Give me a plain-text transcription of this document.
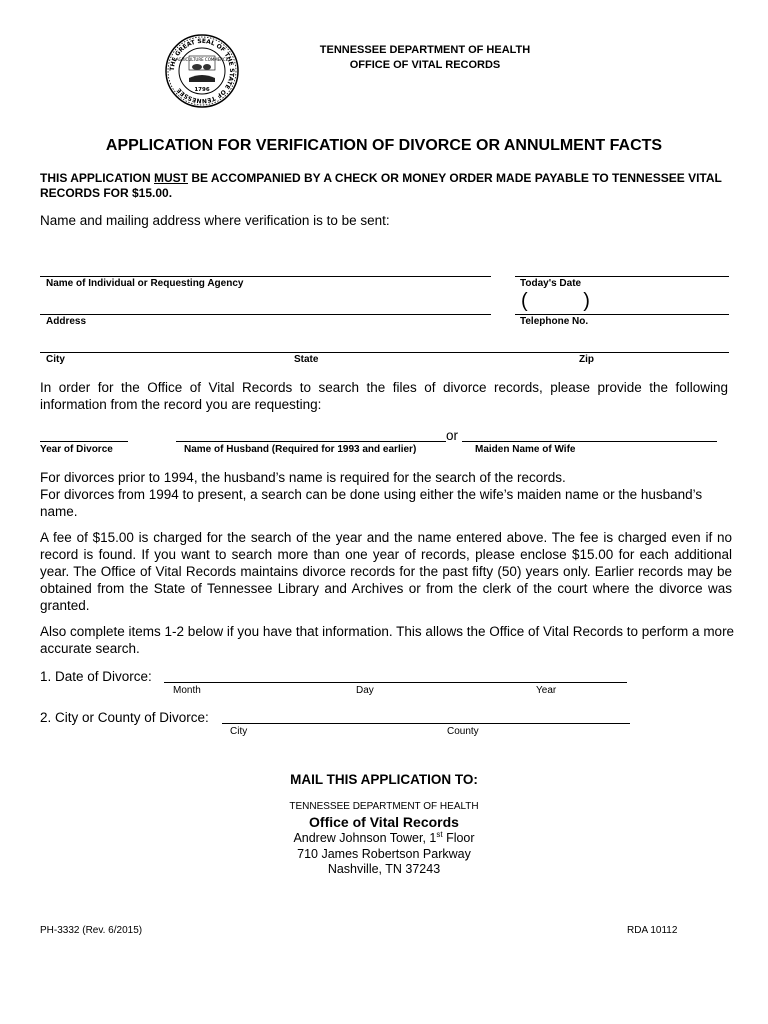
THE GREAT SEAL OF THE STATE OF TENNESSEE
AGRICULTURE COMMERCE
1796
TENNESSEE DEPARTMENT OF HEALTH
OFFICE OF VITAL RECORDS
APPLICATION FOR VERIFICATION OF DIVORCE OR ANNULMENT FACTS
THIS APPLICATION MUST BE ACCOMPANIED BY A CHECK OR MONEY ORDER MADE PAYABLE TO TENNESSEE VITAL RECORDS FOR $15.00.
Name and mailing address where verification is to be sent:
Name of Individual or Requesting Agency	Today's Date
(          )
Address	Telephone No.
City	State	Zip
In order for the Office of Vital Records to search the files of divorce records, please provide the following information from the record you are requesting:
or
Year of Divorce	Name of Husband (Required for 1993 and earlier)	Maiden Name of Wife
For divorces prior to 1994, the husband’s name is required for the search of the records.
For divorces from 1994 to present, a search can be done using either the wife’s maiden name or the husband’s name.
A fee of $15.00 is charged for the search of the year and the name entered above. The fee is charged even if no record is found. If you want to search more than one year of records, please enclose $15.00 for each additional year. The Office of Vital Records maintains divorce records for the past fifty (50) years only. Earlier records may be obtained from the State of Tennessee Library and Archives or from the clerk of the court where the divorce was granted.
Also complete items 1-2 below if you have that information. This allows the Office of Vital Records to perform a more accurate search.
1. Date of Divorce:
Month	Day	Year
2. City or County of Divorce:
City	County
MAIL THIS APPLICATION TO:
TENNESSEE DEPARTMENT OF HEALTH
Office of Vital Records
Andrew Johnson Tower, 1st Floor
710 James Robertson Parkway
Nashville, TN 37243
PH-3332 (Rev. 6/2015)	RDA 10112
